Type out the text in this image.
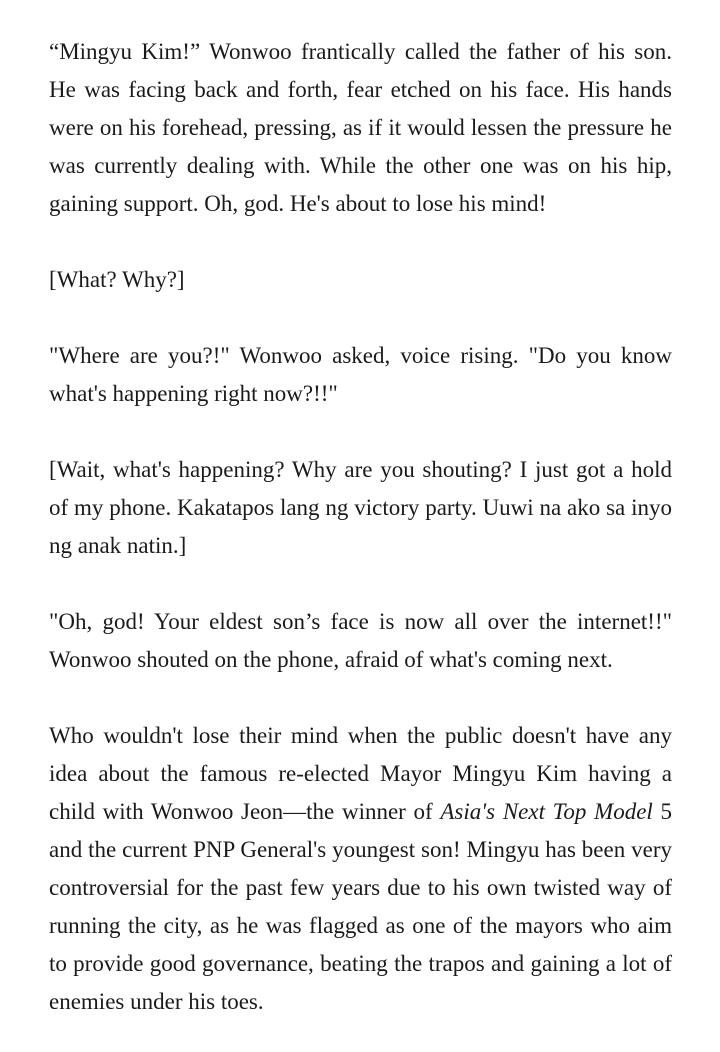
“Mingyu Kim!” Wonwoo frantically called the father of his son. He was facing back and forth, fear etched on his face. His hands were on his forehead, pressing, as if it would lessen the pressure he was currently dealing with. While the other one was on his hip, gaining support. Oh, god. He's about to lose his mind!

[What? Why?]

"Where are you?!" Wonwoo asked, voice rising. "Do you know what's happening right now?!!"

[Wait, what's happening? Why are you shouting? I just got a hold of my phone. Kakatapos lang ng victory party. Uuwi na ako sa inyo ng anak natin.]

"Oh, god! Your eldest son’s face is now all over the internet!!" Wonwoo shouted on the phone, afraid of what's coming next.

Who wouldn't lose their mind when the public doesn't have any idea about the famous re-elected Mayor Mingyu Kim having a child with Wonwoo Jeon—the winner of Asia's Next Top Model 5 and the current PNP General's youngest son! Mingyu has been very controversial for the past few years due to his own twisted way of running the city, as he was flagged as one of the mayors who aim to provide good governance, beating the trapos and gaining a lot of enemies under his toes.
